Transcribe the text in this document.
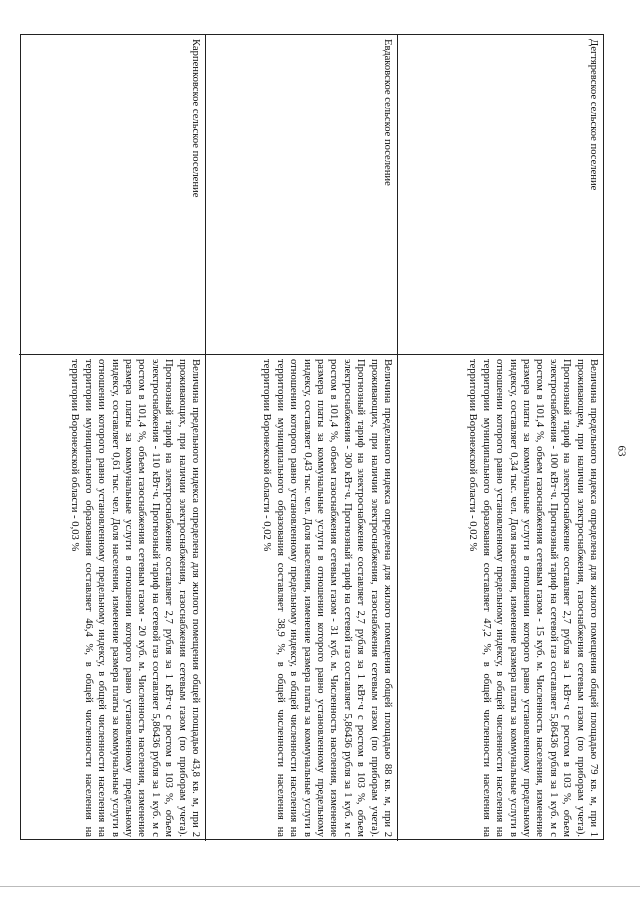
63
Дегтяревское сельское поселение
Величина предельного индекса определена для жилого помещения общей площадью 79 кв. м, при 1 проживающем, при наличии электроснабжения, газоснабжения сетевым газом (по приборам учета). Прогнозный тариф на электроснабжение составляет 2,7 рубля за 1 кВт·ч с ростом в 103 %, объем электроснабжения - 100 кВт·ч. Прогнозный тариф на сетевой газ составляет 5,86436 рубля за 1 куб. м с ростом в 101,4 %, объем газоснабжения сетевым газом - 15 куб. м. Численность населения, изменение размера платы за коммунальные услуги в отношении которого равно установленному предельному индексу, составляет 0,34 тыс. чел. Доля населения, изменение размера платы за коммунальные услуги в отношении которого равно установленному предельному индексу, в общей численности населения на территории муниципального образования составляет 47,2 %, в общей численности населения на территории Воронежской области - 0,02 %
Евдаковское сельское поселение
Величина предельного индекса определена для жилого помещения общей площадью 88 кв. м, при 2 проживающих, при наличии электроснабжения, газоснабжения сетевым газом (по приборам учета). Прогнозный тариф на электроснабжение составляет 2,7 рубля за 1 кВт·ч с ростом в 103 %, объем электроснабжения - 300 кВт·ч. Прогнозный тариф на сетевой газ составляет 5,86436 рубля за 1 куб. м с ростом в 101,4 %, объем газоснабжения сетевым газом - 31 куб. м. Численность населения, изменение размера платы за коммунальные услуги в отношении которого равно установленному предельному индексу, составляет 0,43 тыс. чел. Доля населения, изменение размера платы за коммунальные услуги в отношении которого равно установленному предельному индексу, в общей численности населения на территории муниципального образования составляет 38,9 %, в общей численности населения на территории Воронежской области - 0,02 %
Карпенковское сельское поселение
Величина предельного индекса определена для жилого помещения общей площадью 43,8 кв. м, при 2 проживающих, при наличии электроснабжения, газоснабжения сетевым газом (по приборам учета). Прогнозный тариф на электроснабжение составляет 2,7 рубля за 1 кВт·ч с ростом в 103 %, объем электроснабжения - 110 кВт·ч. Прогнозный тариф на сетевой газ составляет 5,86436 рубля за 1 куб. м с ростом в 101,4 %, объем газоснабжения сетевым газом - 20 куб. м. Численность населения, изменение размера платы за коммунальные услуги в отношении которого равно установленному предельному индексу, составляет 0,61 тыс. чел. Доля населения, изменение размера платы за коммунальные услуги в отношении которого равно установленному предельному индексу, в общей численности населения на территории муниципального образования составляет 46,4 %, в общей численности населения на территории Воронежской области - 0,03 %
